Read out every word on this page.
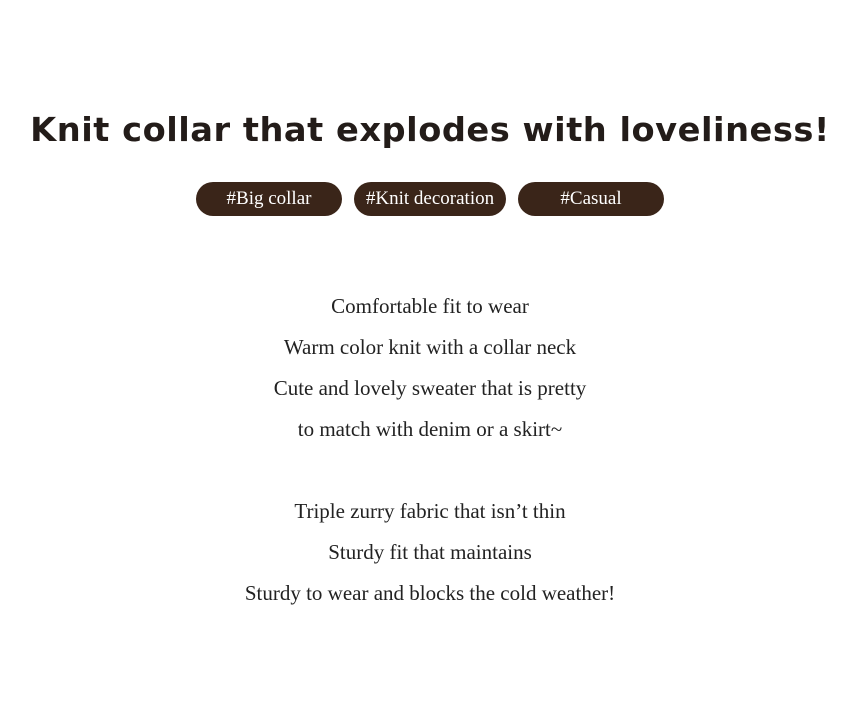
Knit collar that explodes with loveliness!
#Big collar	#Knit decoration	#Casual
Comfortable fit to wear
Warm color knit with a collar neck
Cute and lovely sweater that is pretty
to match with denim or a skirt~
Triple zurry fabric that isn’t thin
Sturdy fit that maintains
Sturdy to wear and blocks the cold weather!
